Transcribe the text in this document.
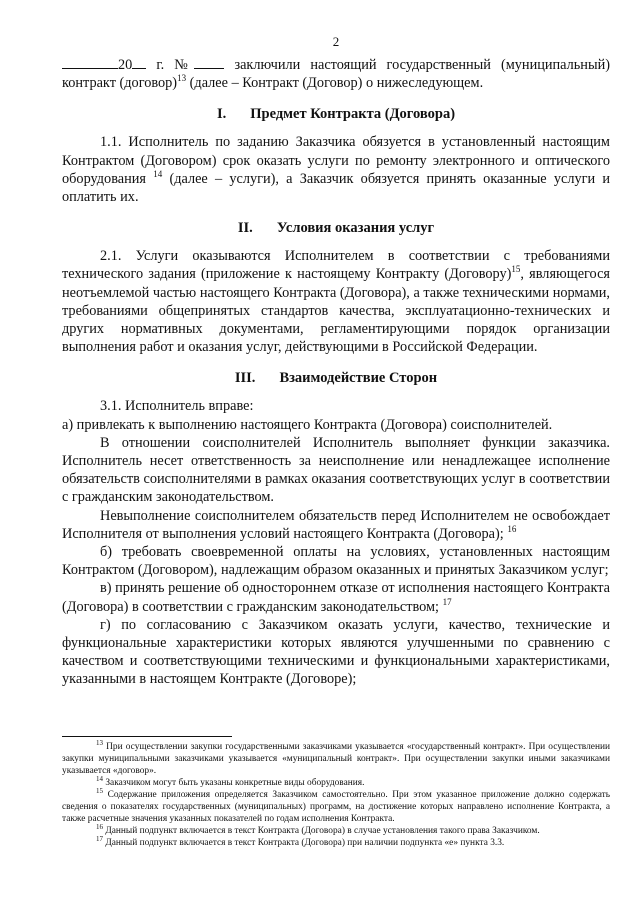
2

20 г. №	заключили настоящий государственный (муниципальный) контракт (договор)$^{13}$ (далее – Контракт (Договор) о нижеследующем.

I. Предмет Контракта (Договора)

1.1. Исполнитель по заданию Заказчика обязуется в установленный настоящим Контрактом (Договором) срок оказать услуги по ремонту электронного и оптического оборудования $^{14}$ (далее – услуги), а Заказчик обязуется принять оказанные услуги и оплатить их.

II. Условия оказания услуг

2.1. Услуги оказываются Исполнителем в соответствии с требованиями технического задания (приложение к настоящему Контракту (Договору)$^{15}$, являющегося неотъемлемой частью настоящего Контракта (Договора), а также техническими нормами, требованиями общепринятых стандартов качества, эксплуатационно-технических и других нормативных документами, регламентирующими порядок организации выполнения работ и оказания услуг, действующими в Российской Федерации.

III. Взаимодействие Сторон

3.1. Исполнитель вправе:

а) привлекать к выполнению настоящего Контракта (Договора) соисполнителей.

В отношении соисполнителей Исполнитель выполняет функции заказчика. Исполнитель несет ответственность за неисполнение или ненадлежащее исполнение обязательств соисполнителями в рамках оказания соответствующих услуг в соответствии с гражданским законодательством.

Невыполнение соисполнителем обязательств перед Исполнителем не освобождает Исполнителя от выполнения условий настоящего Контракта (Договора); $^{16}$

б) требовать своевременной оплаты на условиях, установленных настоящим Контрактом (Договором), надлежащим образом оказанных и принятых Заказчиком услуг;

в) принять решение об одностороннем отказе от исполнения настоящего Контракта (Договора) в соответствии с гражданским законодательством; $^{17}$

г) по согласованию с Заказчиком оказать услуги, качество, технические и функциональные характеристики которых являются улучшенными по сравнению с качеством и соответствующими техническими и функциональными характеристиками, указанными в настоящем Контракте (Договоре);

$^{13}$ При осуществлении закупки государственными заказчиками указывается «государственный контракт». При осуществлении закупки муниципальными заказчиками указывается «муниципальный контракт». При осуществлении закупки иными заказчиками указывается «договор».

$^{14}$ Заказчиком могут быть указаны конкретные виды оборудования.

$^{15}$ Содержание приложения определяется Заказчиком самостоятельно. При этом указанное приложение должно содержать сведения о показателях государственных (муниципальных) программ, на достижение которых направлено исполнение Контракта, а также расчетные значения указанных показателей по годам исполнения Контракта.

$^{16}$ Данный подпункт включается в текст Контракта (Договора) в случае установления такого права Заказчиком.

$^{17}$ Данный подпункт включается в текст Контракта (Договора) при наличии подпункта «е» пункта 3.3.
